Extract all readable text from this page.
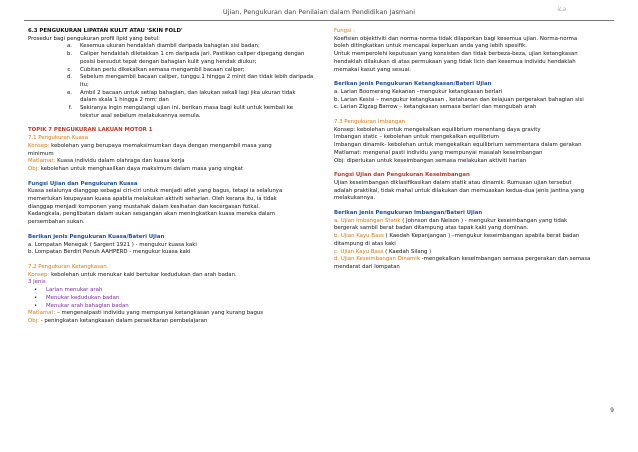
Ujian, Pengukuran dan Penilaian dalam Pendidikan Jasmani	iLa

6.3 PENGUKURAN LIPATAN KULIT ATAU 'SKIN FOLD'

Prosedur bagi pengukuran profil lipid yang betul:

a.	Kesemua ukuran hendaklah diambil daripada bahagian sisi badan;
b.	Caliper hendaklah diletakkan 1 cm daripada jari. Pastikan caliper dipegang dengan

posisi bersudut tepat dengan bahagian kulit yang hendak diukur;

c.	Cubitan perlu dikekalkan semasa mengambil bacaan caliper;
d.	Sebelum mengambil bacaan caliper, tunggu 1 hingga 2 minit dan tidak lebih daripada

itu;

e.	Ambil 2 bacaan untuk setiap bahagian, dan lakukan sekali lagi jika ukuran tidak

dalam skala 1 hingga 2 mm; dan

f.	Sekiranya ingin mengulangi ujian ini, berikan masa bagi kulit untuk kembali ke

tekstur asal sebelum melakukannya semula.

TOPIK 7 PENGUKURAN LAKUAN MOTOR 1

7.1 Pengukuran Kuasa

Konsep: kebolehan yang berupaya memaksimumkan daya dengan mengambil masa yang

minimum

Matlamat: Kuasa individu dalam olahraga dan kuasa kerja

Obj: kebolehan untuk menghasilkan daya maksimum dalam masa yang singkat

Fungsi Ujian dan Pengukuran Kuasa

Kuasa selalunya dianggap sebagai ciri-ciri untuk menjadi atlet yang bagus, tetapi ia selalunya

memerlukan keupayaan kuasa apabila melakukan aktiviti seharian. Oleh kerana itu, ia tidak

dianggap menjadi komponen yang mustahak dalam kesihatan dan kecergasan fizikal.

Kadangkala, penglibatan dalam sukan sesgangan akan meningkatkan kuasa mereka dalam

persembahan sukan.

Berikan jenis Pengukuran Kuasa/Bateri Ujian

a. Lompatan Menegak ( Sargent 1921 ) - mengukur kuasa kaki

b. Lompatan Berdiri Penuh AAHPERD - mengukur kuasa kaki

7.2 Pengukuran Ketangkasan

Konsep: kebolehan untuk menukar kaki bertukar kedudukan dan arah badan.

3 jenis

•	Larian menukar arah
•	Menukar kedudukan badan
•	Menukar arah bahagian badan

Matlamat: – mengenalpasti individu yang mempunyai ketangkasan yang kurang bagus

Obj: - peningkatan ketangkasan dalam persekitaran pembelajaran

Fungsi :

Koefisien objektiviti dan norma-norma tidak dilaporkan bagi kesemua ujian. Norma-norma

boleh ditingkatkan untuk mencapai keperluan anda yang lebih spesifik.

Untuk memperolehi keputusan yang konsisten dan tidak berbeza-beza, ujian ketangkasan

hendaklah dilakukan di atas permukaan yang tidak licin dan kesemua individu hendaklah

memakai kasut yang sesuai.

Berikan jenis Pengukuran Ketangkasan/Bateri Ujian

a. Larian Boomerang Kekanan –mengukur ketangkasan berlari

b. Larian Kesisi – mengukur ketangkasan , ketahanan dan kelajuan pergerakan bahagian sisi

c. Larian Zigzag Barrow – ketangkasan semasa berlari dan mengubah arah

7.3 Pengukuran Imbangan

Konsep: kebolehan untuk mengekalkan equilibrium menentang daya gravity

Imbangan static – kebolehan untuk mengekalkan equilibrium

Imbangan dinamik- kebolehan untuk mengekalkan equilibrium semmentara dalam gerakan

Matlamat: mengenal pasti individu yang mempunyai masalah keseimbangan

Obj: diperlukan untuk keseimbangan semasa melakukan aktiviti harian

Fungsi Ujian dan Pengukuran Keseimbangan

Ujian keseimbangan diklasifikasikan dalam statik atau dinamik. Rumusan ujian tersebut

adalah praktikal, tidak mahal untuk dilakukan dan memuaskan kedua-dua jenis jantina yang

melakukannya.

Berikan jenis Pengukuran Imbangan/Bateri Ujian

a. Ujian Imbangan Statik ( Johnson dan Nelson ) - mengukur keseimbangan yang tidak

bergerak sambil berat badan ditampung atas tapak kaki yang dominan.

b. Ujian Kayu Bass ( Kaedah Kepanjangan ) –mengukur keseimbangan apabila berat badan

ditampung di atas kaki

c. Ujian Kayu Bass ( Kaedah Silang )

d. Ujian Keseimbangan Dinamik -mengekalkan keseimbangan semasa pergerakan dan semasa

mendarat dari lompatan

9
